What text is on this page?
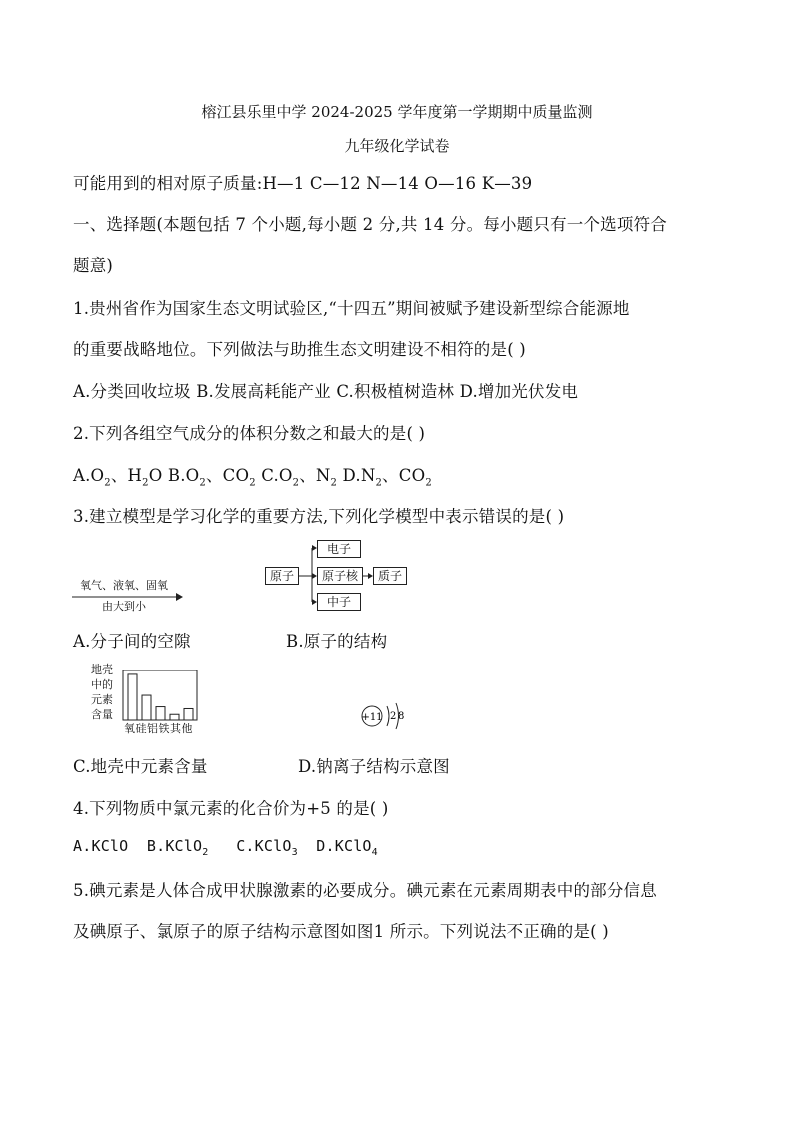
榕江县乐里中学 2024-2025 学年度第一学期期中质量监测
九年级化学试卷
可能用到的相对原子质量:H—1 C—12 N—14 O—16 K—39
一、选择题(本题包括 7 个小题,每小题 2 分,共 14 分。每小题只有一个选项符合
题意)
1.贵州省作为国家生态文明试验区,“十四五”期间被赋予建设新型综合能源地
的重要战略地位。下列做法与助推生态文明建设不相符的是( )
A.分类回收垃圾 B.发展高耗能产业 C.积极植树造林 D.增加光伏发电
2.下列各组空气成分的体积分数之和最大的是( )
$A.O_2$、$H_2O$ $B.O_2$、$CO_2$ $C.O_2$、$N_2$ $D.N_2$、$CO_2$
3.建立模型是学习化学的重要方法,下列化学模型中表示错误的是( )
氧气、液氧、固氧
由大到小
原子
电子
原子核	质子
中子
A.分子间的空隙	B.原子的结构
地壳
中的
元素
含量
氧硅铝铁其他
+11 2 8
C.地壳中元素含量	D.钠离子结构示意图
4.下列物质中氯元素的化合价为+5 的是( )
A.KClO B.KClO$_2$ C.KClO$_3$ D.KClO$_4$
5.碘元素是人体合成甲状腺激素的必要成分。碘元素在元素周期表中的部分信息
及碘原子、氯原子的原子结构示意图如图1 所示。下列说法不正确的是( )
